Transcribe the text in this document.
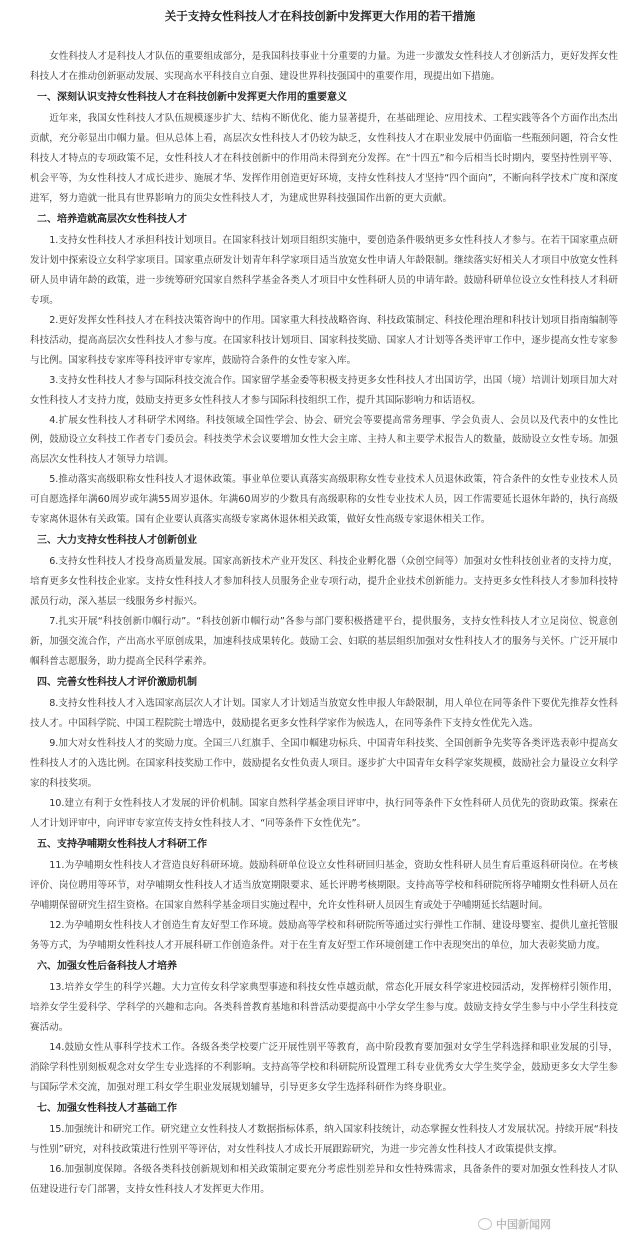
关于支持女性科技人才在科技创新中发挥更大作用的若干措施

女性科技人才是科技人才队伍的重要组成部分，是我国科技事业十分重要的力量。为进一步激发女性科技人才创新活力，更好发挥女性科技人才在推动创新驱动发展、实现高水平科技自立自强、建设世界科技强国中的重要作用，现提出如下措施。

一、深刻认识支持女性科技人才在科技创新中发挥更大作用的重要意义

近年来，我国女性科技人才队伍规模逐步扩大、结构不断优化、能力显著提升，在基础理论、应用技术、工程实践等各个方面作出杰出贡献，充分彰显出巾帼力量。但从总体上看，高层次女性科技人才仍较为缺乏，女性科技人才在职业发展中仍面临一些瓶颈问题，符合女性科技人才特点的专项政策不足，女性科技人才在科技创新中的作用尚未得到充分发挥。在“十四五”和今后相当长时期内，要坚持性别平等、机会平等，为女性科技人才成长进步、施展才华、发挥作用创造更好环境，支持女性科技人才坚持“四个面向”，不断向科学技术广度和深度进军，努力造就一批具有世界影响力的顶尖女性科技人才，为建成世界科技强国作出新的更大贡献。

二、培养造就高层次女性科技人才

1.支持女性科技人才承担科技计划项目。在国家科技计划项目组织实施中，要创造条件吸纳更多女性科技人才参与。在若干国家重点研发计划中探索设立女科学家项目。国家重点研发计划青年科学家项目适当放宽女性申请人年龄限制。继续落实好相关人才项目中放宽女性科研人员申请年龄的政策，进一步统筹研究国家自然科学基金各类人才项目中女性科研人员的申请年龄。鼓励科研单位设立女性科技人才科研专项。

2.更好发挥女性科技人才在科技决策咨询中的作用。国家重大科技战略咨询、科技政策制定、科技伦理治理和科技计划项目指南编制等科技活动，提高高层次女性科技人才参与度。在国家科技计划项目、国家科技奖励、国家人才计划等各类评审工作中，逐步提高女性专家参与比例。国家科技专家库等科技评审专家库，鼓励符合条件的女性专家入库。

3.支持女性科技人才参与国际科技交流合作。国家留学基金委等积极支持更多女性科技人才出国访学，出国（境）培训计划项目加大对女性科技人才支持力度，鼓励支持更多女性科技人才参与国际科技组织工作，提升其国际影响力和话语权。

4.扩展女性科技人才科研学术网络。科技领域全国性学会、协会、研究会等要提高常务理事、学会负责人、会员以及代表中的女性比例，鼓励设立女科技工作者专门委员会。科技类学术会议要增加女性大会主席、主持人和主要学术报告人的数量，鼓励设立女性专场。加强高层次女性科技人才领导力培训。

5.推动落实高级职称女性科技人才退休政策。事业单位要认真落实高级职称女性专业技术人员退休政策，符合条件的女性专业技术人员可自愿选择年满60周岁或年满55周岁退休。年满60周岁的少数具有高级职称的女性专业技术人员，因工作需要延长退休年龄的，执行高级专家离休退休有关政策。国有企业要认真落实高级专家离休退休相关政策，做好女性高级专家退休相关工作。

三、大力支持女性科技人才创新创业

6.支持女性科技人才投身高质量发展。国家高新技术产业开发区、科技企业孵化器（众创空间等）加强对女性科技创业者的支持力度，培育更多女性科技企业家。支持女性科技人才参加科技人员服务企业专项行动，提升企业技术创新能力。支持更多女性科技人才参加科技特派员行动，深入基层一线服务乡村振兴。

7.扎实开展“科技创新巾帼行动”。“科技创新巾帼行动”各参与部门要积极搭建平台，提供服务，支持女性科技人才立足岗位、锐意创新，加强交流合作，产出高水平原创成果，加速科技成果转化。鼓励工会、妇联的基层组织加强对女性科技人才的服务与关怀。广泛开展巾帼科普志愿服务，助力提高全民科学素养。

四、完善女性科技人才评价激励机制

8.支持女性科技人才入选国家高层次人才计划。国家人才计划适当放宽女性申报人年龄限制，用人单位在同等条件下要优先推荐女性科技人才。中国科学院、中国工程院院士增选中，鼓励提名更多女性科学家作为候选人，在同等条件下支持女性优先入选。

9.加大对女性科技人才的奖励力度。全国三八红旗手、全国巾帼建功标兵、中国青年科技奖、全国创新争先奖等各类评选表彰中提高女性科技人才的入选比例。在国家科技奖励工作中，鼓励提名女性负责人项目。逐步扩大中国青年女科学家奖规模，鼓励社会力量设立女科学家的科技奖项。

10.建立有利于女性科技人才发展的评价机制。国家自然科学基金项目评审中，执行同等条件下女性科研人员优先的资助政策。探索在人才计划评审中，向评审专家宣传支持女性科技人才、“同等条件下女性优先”。

五、支持孕哺期女性科技人才科研工作

11.为孕哺期女性科技人才营造良好科研环境。鼓励科研单位设立女性科研回归基金，资助女性科研人员生育后重返科研岗位。在考核评价、岗位聘用等环节，对孕哺期女性科技人才适当放宽期限要求、延长评聘考核期限。支持高等学校和科研院所将孕哺期女性科研人员在孕哺期保留研究生招生资格。在国家自然科学基金项目实施过程中，允许女性科研人员因生育或处于孕哺期延长结题时间。

12.为孕哺期女性科技人才创造生育友好型工作环境。鼓励高等学校和科研院所等通过实行弹性工作制、建设母婴室、提供儿童托管服务等方式，为孕哺期女性科技人才开展科研工作创造条件。对于在生育友好型工作环境创建工作中表现突出的单位，加大表彰奖励力度。

六、加强女性后备科技人才培养

13.培养女学生的科学兴趣。大力宣传女科学家典型事迹和科技女性卓越贡献，常态化开展女科学家进校园活动，发挥榜样引领作用，培养女学生爱科学、学科学的兴趣和志向。各类科普教育基地和科普活动要提高中小学女学生参与度。鼓励支持女学生参与中小学生科技竞赛活动。

14.鼓励女性从事科学技术工作。各级各类学校要广泛开展性别平等教育，高中阶段教育要加强对女学生学科选择和职业发展的引导，消除学科性别刻板观念对女学生专业选择的不利影响。支持高等学校和科研院所设置理工科专业优秀女大学生奖学金，鼓励更多女大学生参与国际学术交流，加强对理工科女学生职业发展规划辅导，引导更多女学生选择科研作为终身职业。

七、加强女性科技人才基础工作

15.加强统计和研究工作。研究建立女性科技人才数据指标体系，纳入国家科技统计，动态掌握女性科技人才发展状况。持续开展“科技与性别”研究，对科技政策进行性别平等评估，对女性科技人才成长开展跟踪研究，为进一步完善女性科技人才政策提供支撑。

16.加强制度保障。各级各类科技创新规划和相关政策制定要充分考虑性别差异和女性特殊需求，具备条件的要对加强女性科技人才队伍建设进行专门部署，支持女性科技人才发挥更大作用。

中国新闻网
